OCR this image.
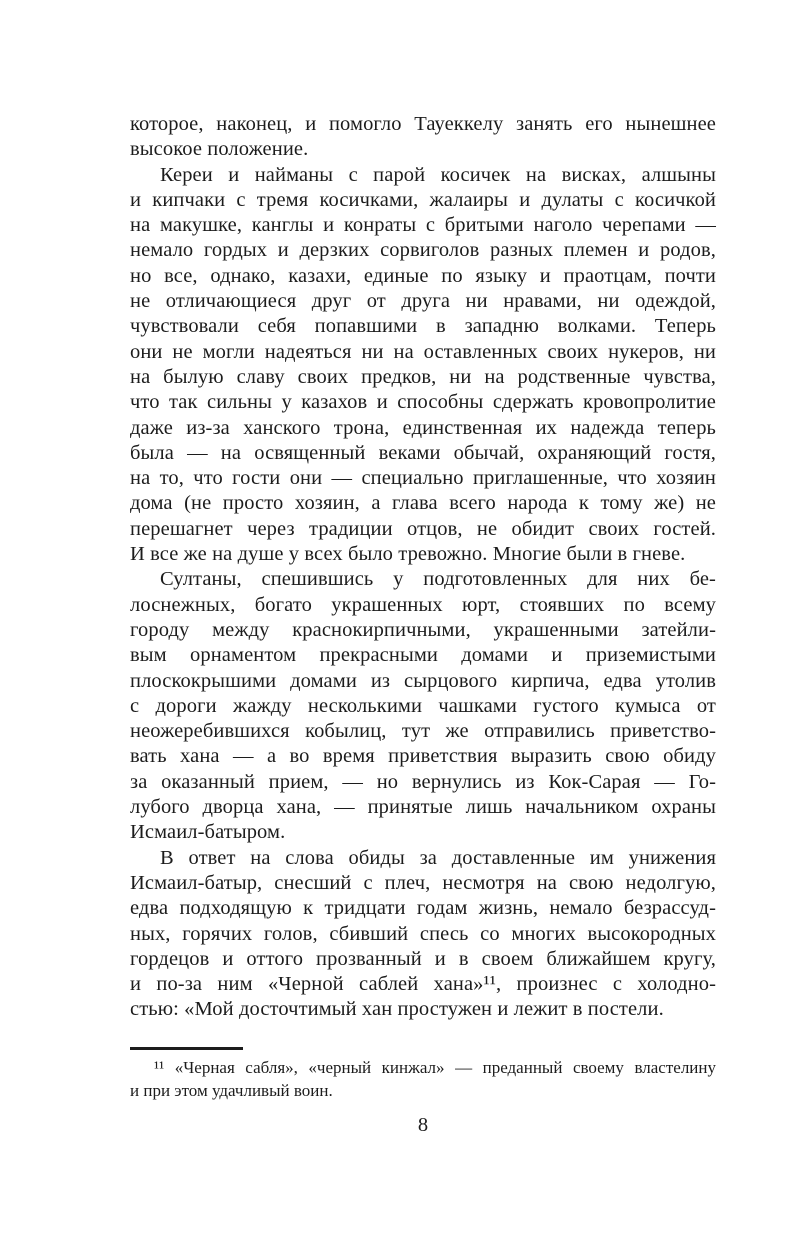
которое, наконец, и помогло Тауеккелу занять его нынешнее
высокое положение.

Кереи и найманы с парой косичек на висках, алшыны
и кипчаки с тремя косичками, жалаиры и дулаты с косичкой
на макушке, канглы и конраты с бритыми наголо черепами —
немало гордых и дерзких сорвиголов разных племен и родов,
но все, однако, казахи, единые по языку и праотцам, почти
не отличающиеся друг от друга ни нравами, ни одеждой,
чувствовали себя попавшими в западню волками. Теперь
они не могли надеяться ни на оставленных своих нукеров, ни
на былую славу своих предков, ни на родственные чувства,
что так сильны у казахов и способны сдержать кровопролитие
даже из-за ханского трона, единственная их надежда теперь
была — на освященный веками обычай, охраняющий гостя,
на то, что гости они — специально приглашенные, что хозяин
дома (не просто хозяин, а глава всего народа к тому же) не
перешагнет через традиции отцов, не обидит своих гостей.
И все же на душе у всех было тревожно. Многие были в гневе.

Султаны, спешившись у подготовленных для них бе-
лоснежных, богато украшенных юрт, стоявших по всему
городу между краснокирпичными, украшенными затейли-
вым орнаментом прекрасными домами и приземистыми
плоскокрышими домами из сырцового кирпича, едва утолив
с дороги жажду несколькими чашками густого кумыса от
неожеребившихся кобылиц, тут же отправились приветство-
вать хана — а во время приветствия выразить свою обиду
за оказанный прием, — но вернулись из Кок-Сарая — Го-
лубого дворца хана, — принятые лишь начальником охраны
Исмаил-батыром.

В ответ на слова обиды за доставленные им унижения
Исмаил-батыр, снесший с плеч, несмотря на свою недолгую,
едва подходящую к тридцати годам жизнь, немало безрассуд-
ных, горячих голов, сбивший спесь со многих высокородных
гордецов и оттого прозванный и в своем ближайшем кругу,
и по-за ним «Черной саблей хана»¹¹, произнес с холодно-
стью: «Мой досточтимый хан простужен и лежит в постели.

¹¹ «Черная сабля», «черный кинжал» — преданный своему властелину
и при этом удачливый воин.
8
